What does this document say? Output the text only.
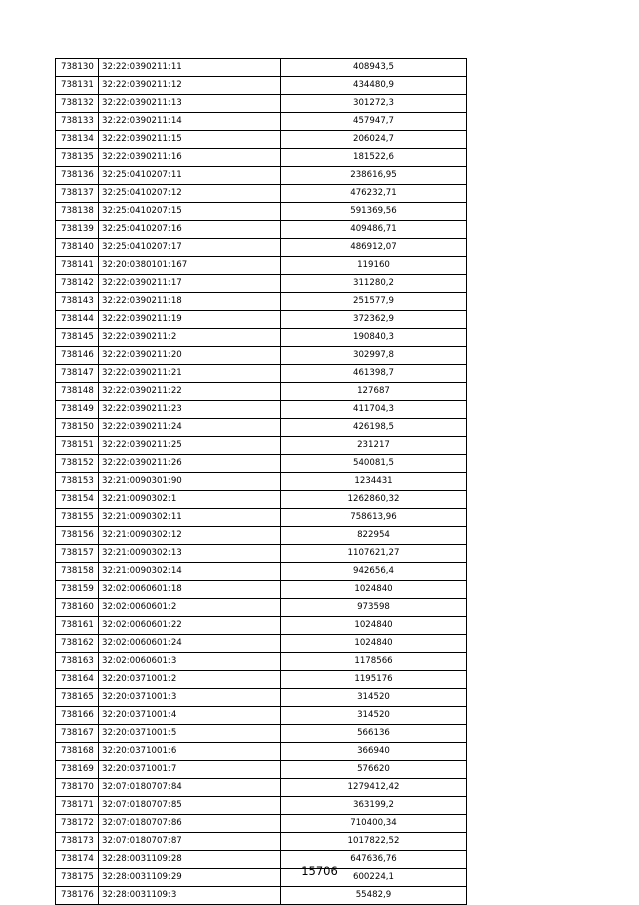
738130	32:22:0390211:11	408943,5
738131	32:22:0390211:12	434480,9
738132	32:22:0390211:13	301272,3
738133	32:22:0390211:14	457947,7
738134	32:22:0390211:15	206024,7
738135	32:22:0390211:16	181522,6
738136	32:25:0410207:11	238616,95
738137	32:25:0410207:12	476232,71
738138	32:25:0410207:15	591369,56
738139	32:25:0410207:16	409486,71
738140	32:25:0410207:17	486912,07
738141	32:20:0380101:167	119160
738142	32:22:0390211:17	311280,2
738143	32:22:0390211:18	251577,9
738144	32:22:0390211:19	372362,9
738145	32:22:0390211:2	190840,3
738146	32:22:0390211:20	302997,8
738147	32:22:0390211:21	461398,7
738148	32:22:0390211:22	127687
738149	32:22:0390211:23	411704,3
738150	32:22:0390211:24	426198,5
738151	32:22:0390211:25	231217
738152	32:22:0390211:26	540081,5
738153	32:21:0090301:90	1234431
738154	32:21:0090302:1	1262860,32
738155	32:21:0090302:11	758613,96
738156	32:21:0090302:12	822954
738157	32:21:0090302:13	1107621,27
738158	32:21:0090302:14	942656,4
738159	32:02:0060601:18	1024840
738160	32:02:0060601:2	973598
738161	32:02:0060601:22	1024840
738162	32:02:0060601:24	1024840
738163	32:02:0060601:3	1178566
738164	32:20:0371001:2	1195176
738165	32:20:0371001:3	314520
738166	32:20:0371001:4	314520
738167	32:20:0371001:5	566136
738168	32:20:0371001:6	366940
738169	32:20:0371001:7	576620
738170	32:07:0180707:84	1279412,42
738171	32:07:0180707:85	363199,2
738172	32:07:0180707:86	710400,34
738173	32:07:0180707:87	1017822,52
738174	32:28:0031109:28	647636,76
738175	32:28:0031109:29	600224,1
738176	32:28:0031109:3	55482,9
15706
